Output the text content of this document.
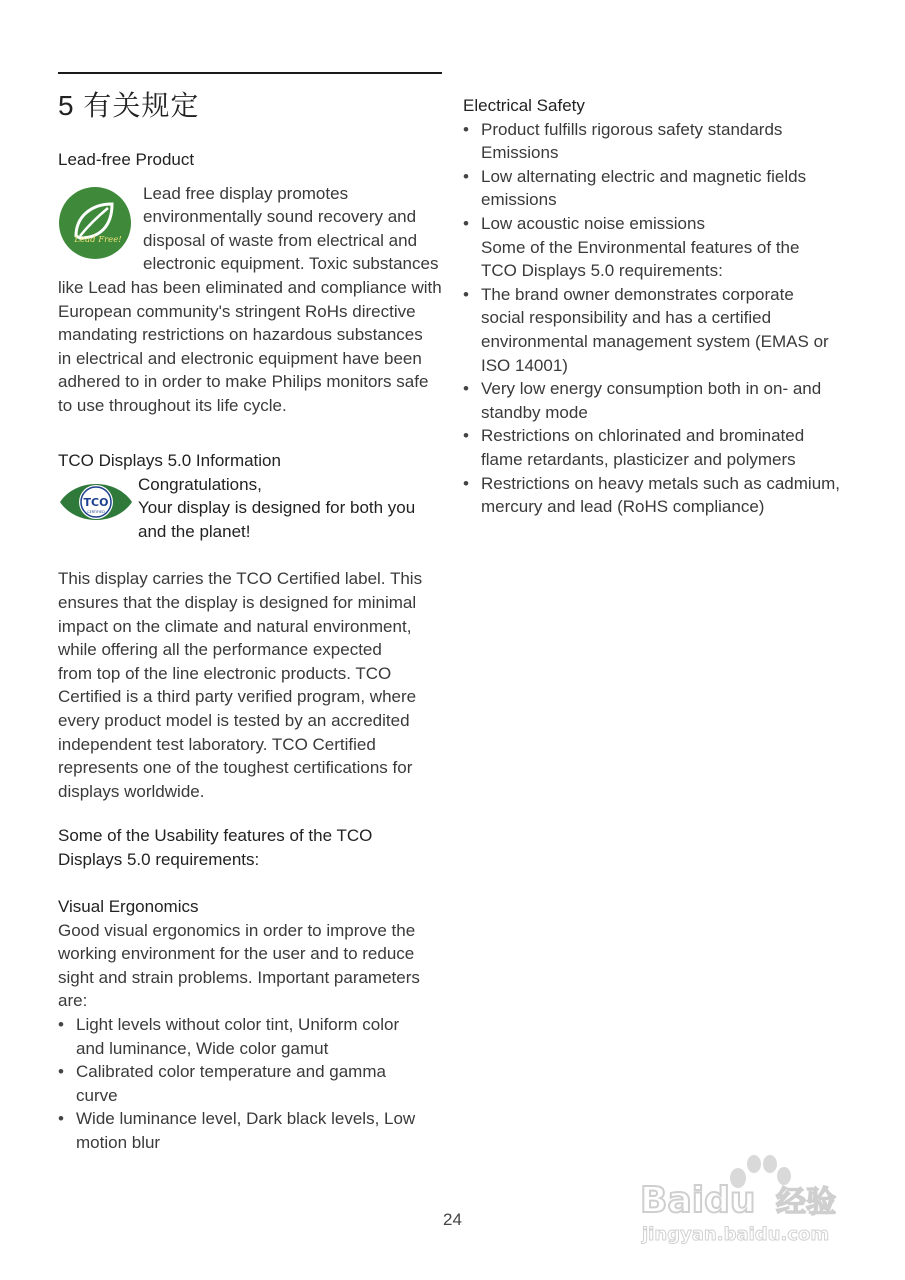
5 有关规定
Lead Free!
TCO
CERTIFIED

Lead-free Product

Lead free display promotes

environmentally sound recovery and

disposal of waste from electrical and

electronic equipment. Toxic substances

like Lead has been eliminated and compliance with

European community's stringent RoHs directive

mandating restrictions on hazardous substances

in electrical and electronic equipment have been

adhered to in order to make Philips monitors safe

to use throughout its life cycle.

TCO Displays 5.0 Information

Congratulations,

Your display is designed for both you

and the planet!

This display carries the TCO Certified label. This

ensures that the display is designed for minimal

impact on the climate and natural environment,

while offering all the performance expected

from top of the line electronic products. TCO

Certified is a third party verified program, where

every product model is tested by an accredited

independent test laboratory. TCO Certified

represents one of the toughest certifications for

displays worldwide.

Some of the Usability features of the TCO

Displays 5.0 requirements:

Visual Ergonomics

Good visual ergonomics in order to improve the

working environment for the user and to reduce

sight and strain problems. Important parameters

are:

• Light levels without color tint, Uniform color
and luminance, Wide color gamut
• Calibrated color temperature and gamma
curve
• Wide luminance level, Dark black levels, Low
motion blur

Electrical Safety

• Product fulfills rigorous safety standards
Emissions
• Low alternating electric and magnetic fields
emissions
• Low acoustic noise emissions

Some of the Environmental features of the

TCO Displays 5.0 requirements:

• The brand owner demonstrates corporate
social responsibility and has a certified
environmental management system (EMAS or
ISO 14001)
• Very low energy consumption both in on- and
standby mode
• Restrictions on chlorinated and brominated
flame retardants, plasticizer and polymers
• Restrictions on heavy metals such as cadmium,
mercury and lead (RoHS compliance)
24	Baidu 经验
jingyan.baidu.com
